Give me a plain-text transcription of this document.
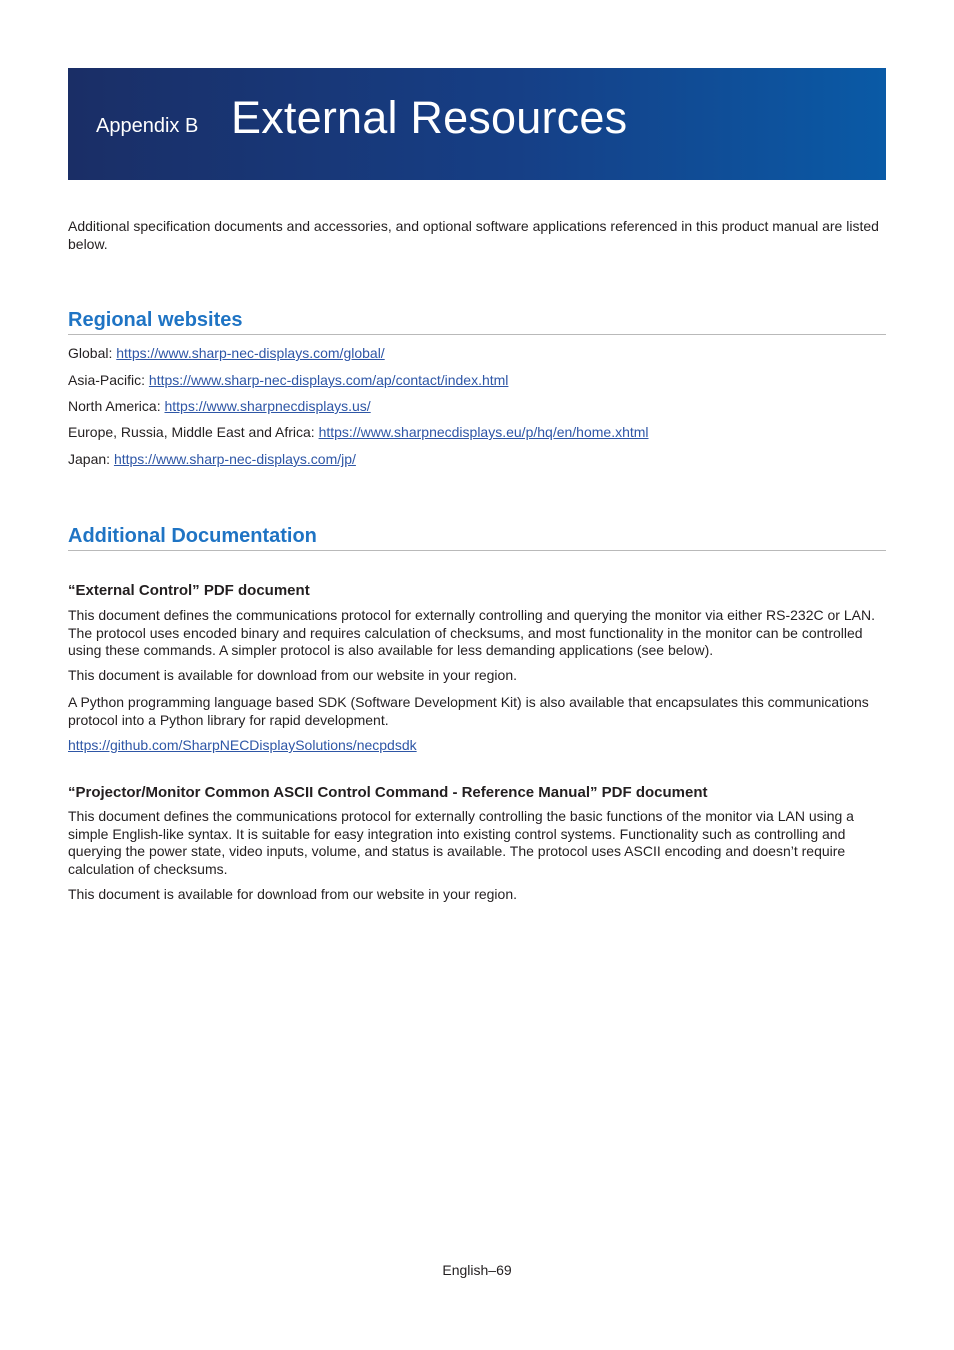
Appendix B External Resources
Additional specification documents and accessories, and optional software applications referenced in this product manual are listed below.
Regional websites
Global: https://www.sharp-nec-displays.com/global/
Asia-Pacific: https://www.sharp-nec-displays.com/ap/contact/index.html
North America: https://www.sharpnecdisplays.us/
Europe, Russia, Middle East and Africa: https://www.sharpnecdisplays.eu/p/hq/en/home.xhtml
Japan: https://www.sharp-nec-displays.com/jp/
Additional Documentation
“External Control” PDF document
This document defines the communications protocol for externally controlling and querying the monitor via either RS-232C or LAN. The protocol uses encoded binary and requires calculation of checksums, and most functionality in the monitor can be controlled using these commands. A simpler protocol is also available for less demanding applications (see below).
This document is available for download from our website in your region.
A Python programming language based SDK (Software Development Kit) is also available that encapsulates this communications protocol into a Python library for rapid development.
https://github.com/SharpNECDisplaySolutions/necpdsdk
“Projector/Monitor Common ASCII Control Command - Reference Manual” PDF document
This document defines the communications protocol for externally controlling the basic functions of the monitor via LAN using a simple English-like syntax. It is suitable for easy integration into existing control systems. Functionality such as controlling and querying the power state, video inputs, volume, and status is available. The protocol uses ASCII encoding and doesn’t require calculation of checksums.
This document is available for download from our website in your region.
English–69
